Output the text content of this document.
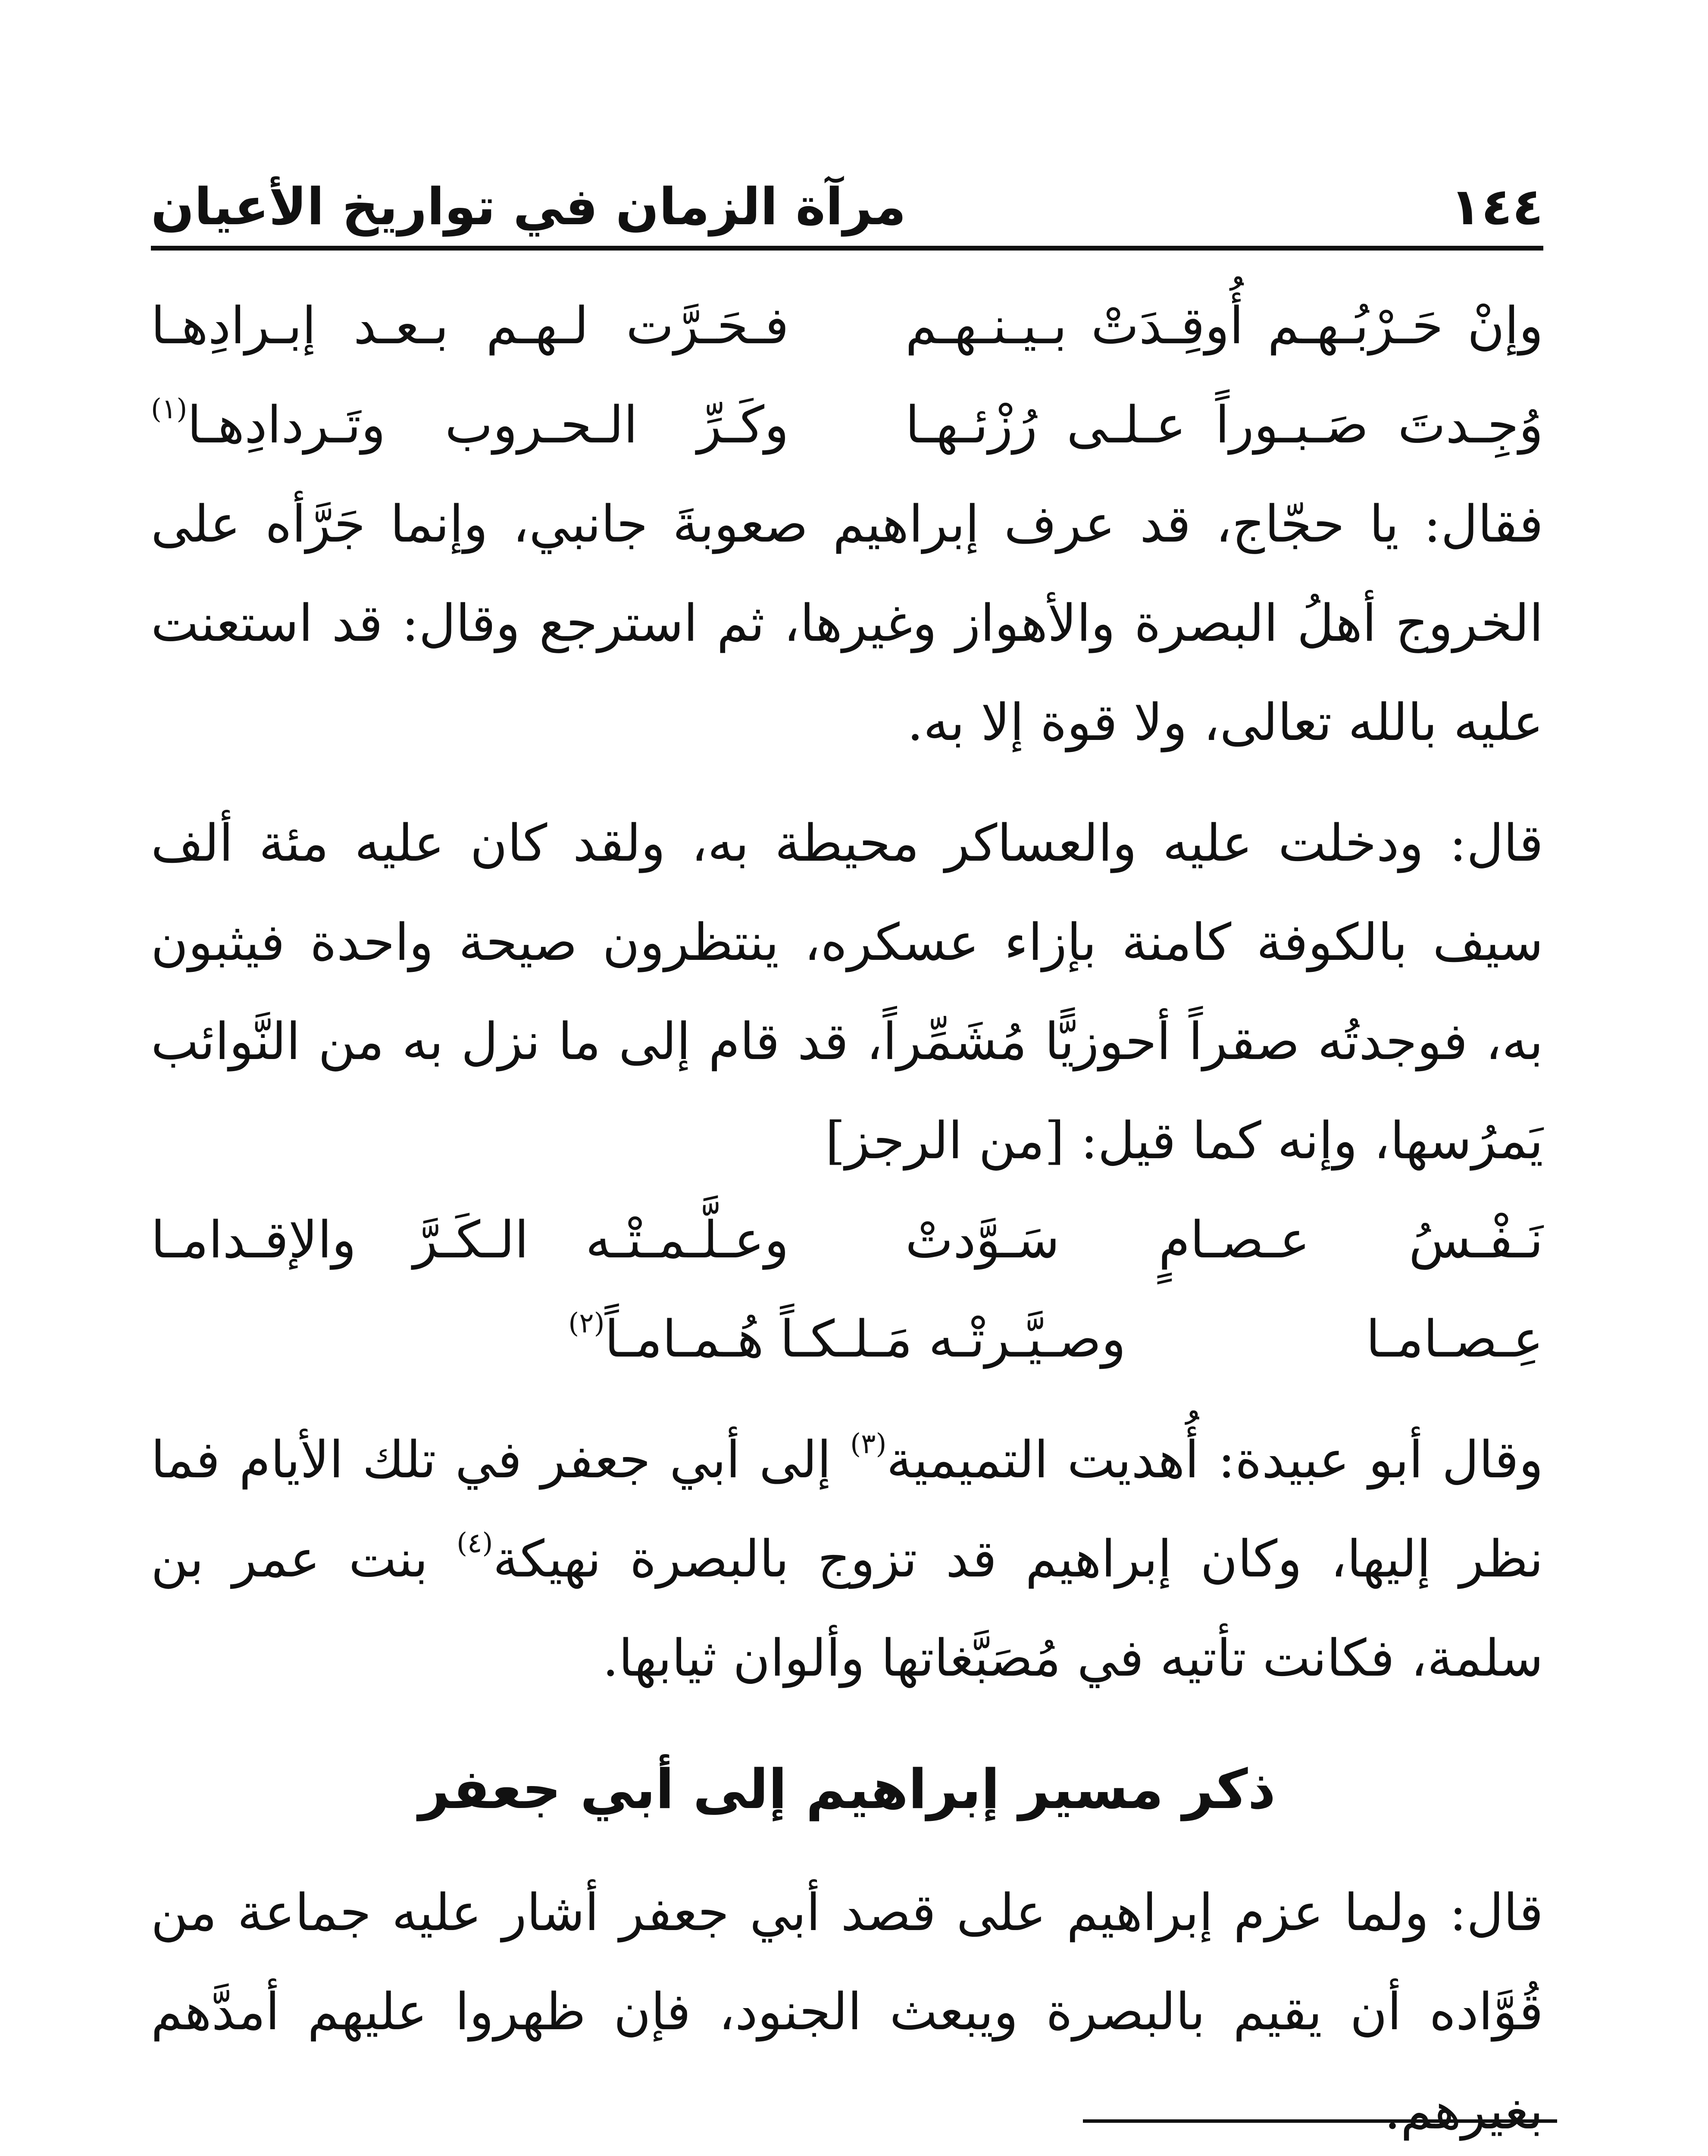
١٤٤
مرآة الزمان في تواريخ الأعيان
وإنْ حَـرْبُـهـم أُوقِـدَتْ بـيـنـهـم
فـحَـرَّت لـهـم بـعـد إبـرادِهـا
وُجِـدتَ صَـبـوراً عـلـى رُزْئـهـا
وكَـرِّ الـحـروب وتَـردادِهـا$^{(١)}$

فقال: يا حجّاج، قد عرف إبراهيم صعوبةَ جانبي، وإنما جَرَّأه على الخروج أهلُ البصرة والأهواز وغيرها، ثم استرجع وقال: قد استعنت عليه بالله تعالى، ولا قوة إلا به.

قال: ودخلت عليه والعساكر محيطة به، ولقد كان عليه مئة ألف سيف بالكوفة كامنة بإزاء عسكره، ينتظرون صيحة واحدة فيثبون به، فوجدتُه صقراً أحوزيًّا مُشَمِّراً، قد قام إلى ما نزل به من النَّوائب يَمرُسها، وإنه كما قيل: [من الرجز]

نَـفْـسُ عـصـامٍ سَـوَّدتْ عِـصـامـا
وعـلَّـمـتْـه الـكَـرَّ والإقـدامـا
وصـيَّـرتْـه مَـلـكـاً هُـمـامـاً$^{(٢)}$

وقال أبو عبيدة: أُهديت التميمية$^{(٣)}$ إلى أبي جعفر في تلك الأيام فما نظر إليها، وكان إبراهيم قد تزوج بالبصرة نهيكة$^{(٤)}$ بنت عمر بن سلمة، فكانت تأتيه في مُصَبَّغاتها وألوان ثيابها.

ذكر مسير إبراهيم إلى أبي جعفر

قال: ولما عزم إبراهيم على قصد أبي جعفر أشار عليه جماعة من قُوَّاده أن يقيم بالبصرة ويبعث الجنود، فإن ظهروا عليهم أمدَّهم بغيرهم.
